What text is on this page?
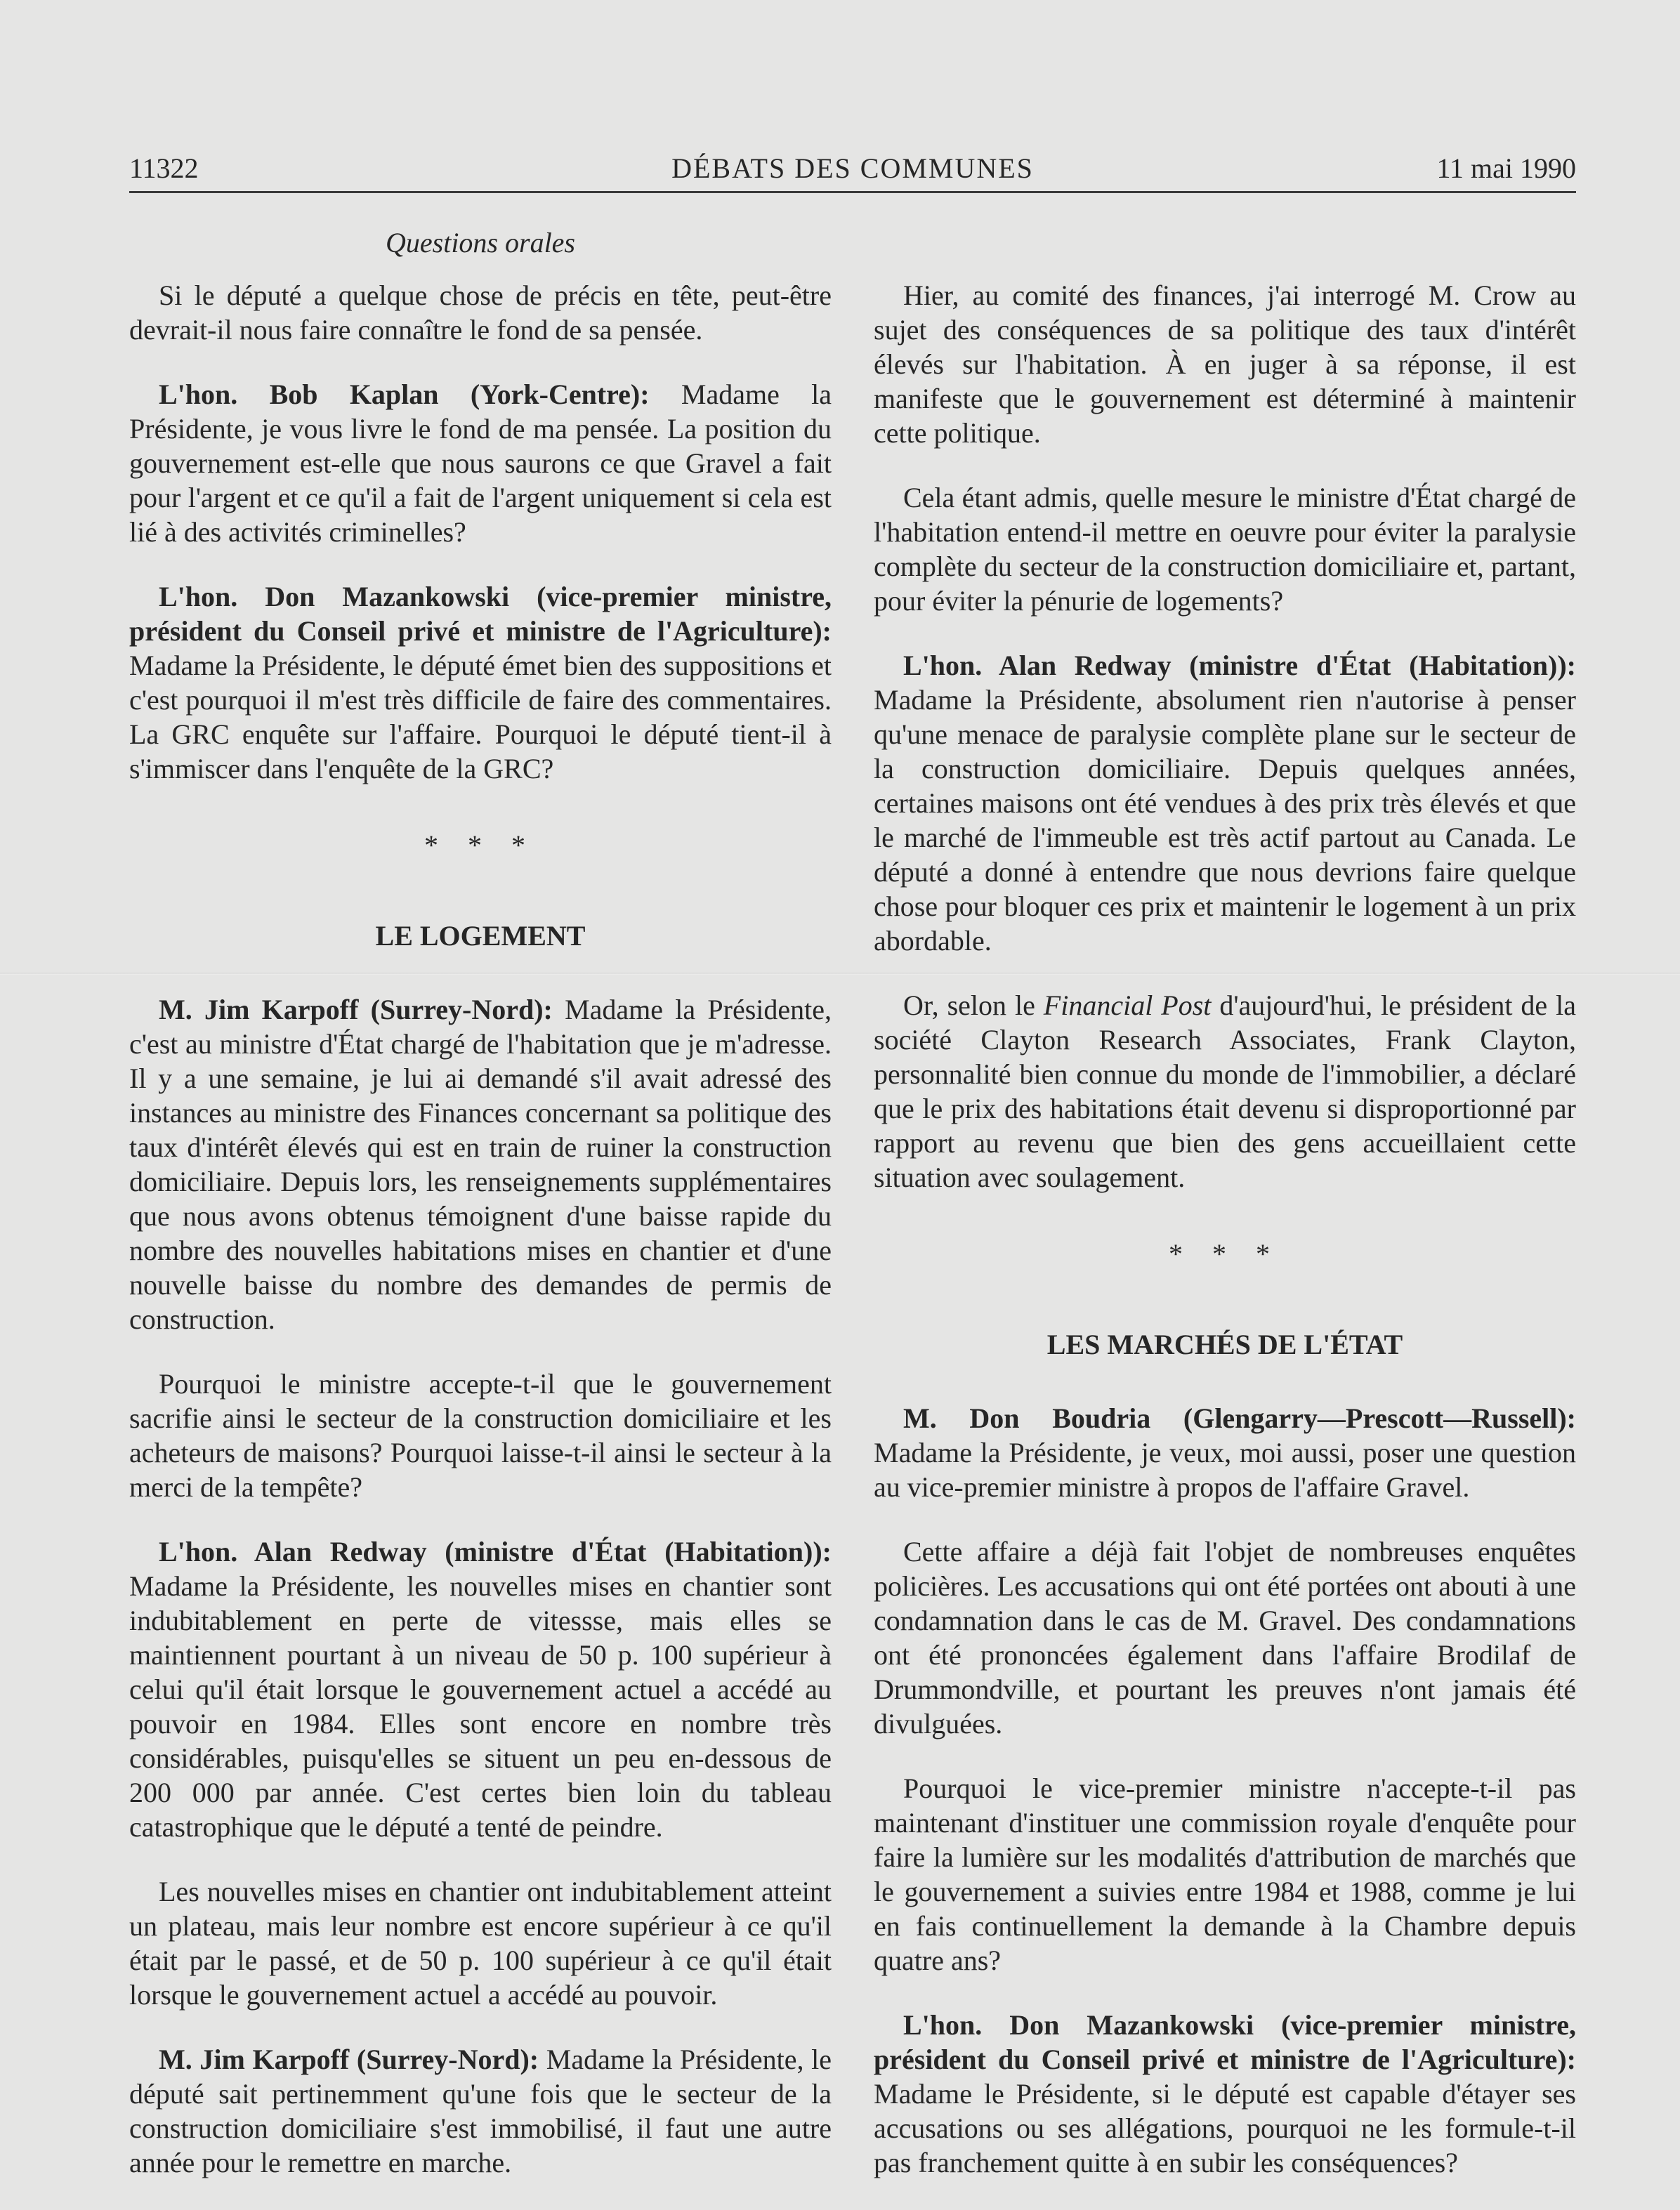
11322	DÉBATS DES COMMUNES	11 mai 1990
Questions orales

Si le député a quelque chose de précis en tête, peut-être devrait-il nous faire connaître le fond de sa pensée.

L'hon. Bob Kaplan (York-Centre): Madame la Présidente, je vous livre le fond de ma pensée. La position du gouvernement est-elle que nous saurons ce que Gravel a fait pour l'argent et ce qu'il a fait de l'argent uniquement si cela est lié à des activités criminelles?

L'hon. Don Mazankowski (vice-premier ministre, président du Conseil privé et ministre de l'Agriculture): Madame la Présidente, le député émet bien des suppositions et c'est pourquoi il m'est très difficile de faire des commentaires. La GRC enquête sur l'affaire. Pourquoi le député tient-il à s'immiscer dans l'enquête de la GRC?

* * *
LE LOGEMENT

M. Jim Karpoff (Surrey-Nord): Madame la Présidente, c'est au ministre d'État chargé de l'habitation que je m'adresse. Il y a une semaine, je lui ai demandé s'il avait adressé des instances au ministre des Finances concernant sa politique des taux d'intérêt élevés qui est en train de ruiner la construction domiciliaire. Depuis lors, les renseignements supplémentaires que nous avons obtenus témoignent d'une baisse rapide du nombre des nouvelles habitations mises en chantier et d'une nouvelle baisse du nombre des demandes de permis de construction.

Pourquoi le ministre accepte-t-il que le gouvernement sacrifie ainsi le secteur de la construction domiciliaire et les acheteurs de maisons? Pourquoi laisse-t-il ainsi le secteur à la merci de la tempête?

L'hon. Alan Redway (ministre d'État (Habitation)): Madame la Présidente, les nouvelles mises en chantier sont indubitablement en perte de vitessse, mais elles se maintiennent pourtant à un niveau de 50 p. 100 supérieur à celui qu'il était lorsque le gouvernement actuel a accédé au pouvoir en 1984. Elles sont encore en nombre très considérables, puisqu'elles se situent un peu en-dessous de 200 000 par année. C'est certes bien loin du tableau catastrophique que le député a tenté de peindre.

Les nouvelles mises en chantier ont indubitablement atteint un plateau, mais leur nombre est encore supérieur à ce qu'il était par le passé, et de 50 p. 100 supérieur à ce qu'il était lorsque le gouvernement actuel a accédé au pouvoir.

M. Jim Karpoff (Surrey-Nord): Madame la Présidente, le député sait pertinemment qu'une fois que le secteur de la construction domiciliaire s'est immobilisé, il faut une autre année pour le remettre en marche.

Hier, au comité des finances, j'ai interrogé M. Crow au sujet des conséquences de sa politique des taux d'intérêt élevés sur l'habitation. À en juger à sa réponse, il est manifeste que le gouvernement est déterminé à maintenir cette politique.

Cela étant admis, quelle mesure le ministre d'État chargé de l'habitation entend-il mettre en oeuvre pour éviter la paralysie complète du secteur de la construction domiciliaire et, partant, pour éviter la pénurie de logements?

L'hon. Alan Redway (ministre d'État (Habitation)): Madame la Présidente, absolument rien n'autorise à penser qu'une menace de paralysie complète plane sur le secteur de la construction domiciliaire. Depuis quelques années, certaines maisons ont été vendues à des prix très élevés et que le marché de l'immeuble est très actif partout au Canada. Le député a donné à entendre que nous devrions faire quelque chose pour bloquer ces prix et maintenir le logement à un prix abordable.

Or, selon le Financial Post d'aujourd'hui, le président de la société Clayton Research Associates, Frank Clayton, personnalité bien connue du monde de l'immobilier, a déclaré que le prix des habitations était devenu si disproportionné par rapport au revenu que bien des gens accueillaient cette situation avec soulagement.

* * *
LES MARCHÉS DE L'ÉTAT

M. Don Boudria (Glengarry—Prescott—Russell): Madame la Présidente, je veux, moi aussi, poser une question au vice-premier ministre à propos de l'affaire Gravel.

Cette affaire a déjà fait l'objet de nombreuses enquêtes policières. Les accusations qui ont été portées ont abouti à une condamnation dans le cas de M. Gravel. Des condamnations ont été prononcées également dans l'affaire Brodilaf de Drummondville, et pourtant les preuves n'ont jamais été divulguées.

Pourquoi le vice-premier ministre n'accepte-t-il pas maintenant d'instituer une commission royale d'enquête pour faire la lumière sur les modalités d'attribution de marchés que le gouvernement a suivies entre 1984 et 1988, comme je lui en fais continuellement la demande à la Chambre depuis quatre ans?

L'hon. Don Mazankowski (vice-premier ministre, président du Conseil privé et ministre de l'Agriculture): Madame le Présidente, si le député est capable d'étayer ses accusations ou ses allégations, pourquoi ne les formule-t-il pas franchement quitte à en subir les conséquences?
